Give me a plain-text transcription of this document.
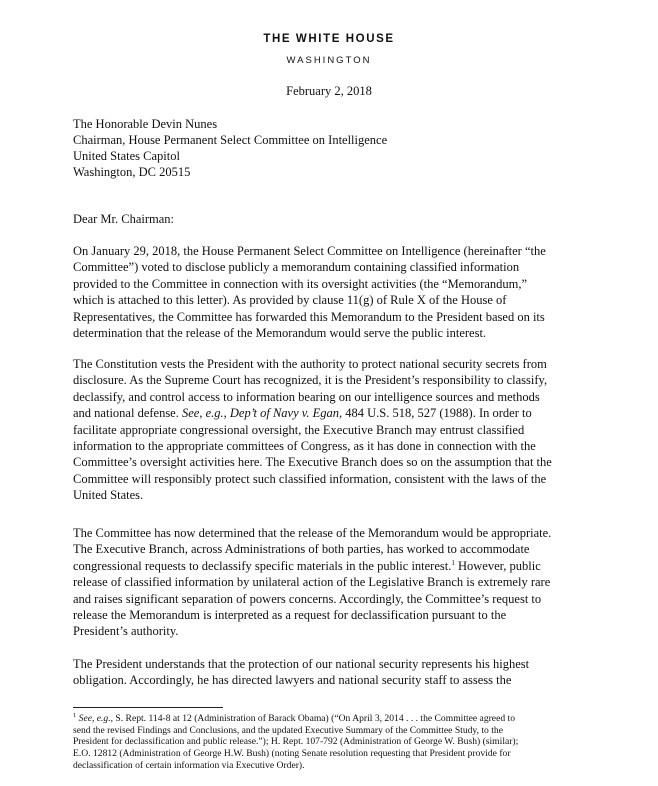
THE WHITE HOUSE
WASHINGTON
February 2, 2018
The Honorable Devin Nunes
Chairman, House Permanent Select Committee on Intelligence
United States Capitol
Washington, DC 20515
Dear Mr. Chairman:
On January 29, 2018, the House Permanent Select Committee on Intelligence (hereinafter “the
Committee”) voted to disclose publicly a memorandum containing classified information
provided to the Committee in connection with its oversight activities (the “Memorandum,”
which is attached to this letter). As provided by clause 11(g) of Rule X of the House of
Representatives, the Committee has forwarded this Memorandum to the President based on its
determination that the release of the Memorandum would serve the public interest.
The Constitution vests the President with the authority to protect national security secrets from
disclosure. As the Supreme Court has recognized, it is the President’s responsibility to classify,
declassify, and control access to information bearing on our intelligence sources and methods
and national defense. See, e.g., Dep’t of Navy v. Egan, 484 U.S. 518, 527 (1988). In order to
facilitate appropriate congressional oversight, the Executive Branch may entrust classified
information to the appropriate committees of Congress, as it has done in connection with the
Committee’s oversight activities here. The Executive Branch does so on the assumption that the
Committee will responsibly protect such classified information, consistent with the laws of the
United States.
The Committee has now determined that the release of the Memorandum would be appropriate.
The Executive Branch, across Administrations of both parties, has worked to accommodate
congressional requests to declassify specific materials in the public interest.$^1$ However, public
release of classified information by unilateral action of the Legislative Branch is extremely rare
and raises significant separation of powers concerns. Accordingly, the Committee’s request to
release the Memorandum is interpreted as a request for declassification pursuant to the
President’s authority.
The President understands that the protection of our national security represents his highest
obligation. Accordingly, he has directed lawyers and national security staff to assess the
$^1$ See, e.g., S. Rept. 114-8 at 12 (Administration of Barack Obama) (“On April 3, 2014 . . . the Committee agreed to
send the revised Findings and Conclusions, and the updated Executive Summary of the Committee Study, to the
President for declassification and public release.”); H. Rept. 107-792 (Administration of George W. Bush) (similar);
E.O. 12812 (Administration of George H.W. Bush) (noting Senate resolution requesting that President provide for
declassification of certain information via Executive Order).
